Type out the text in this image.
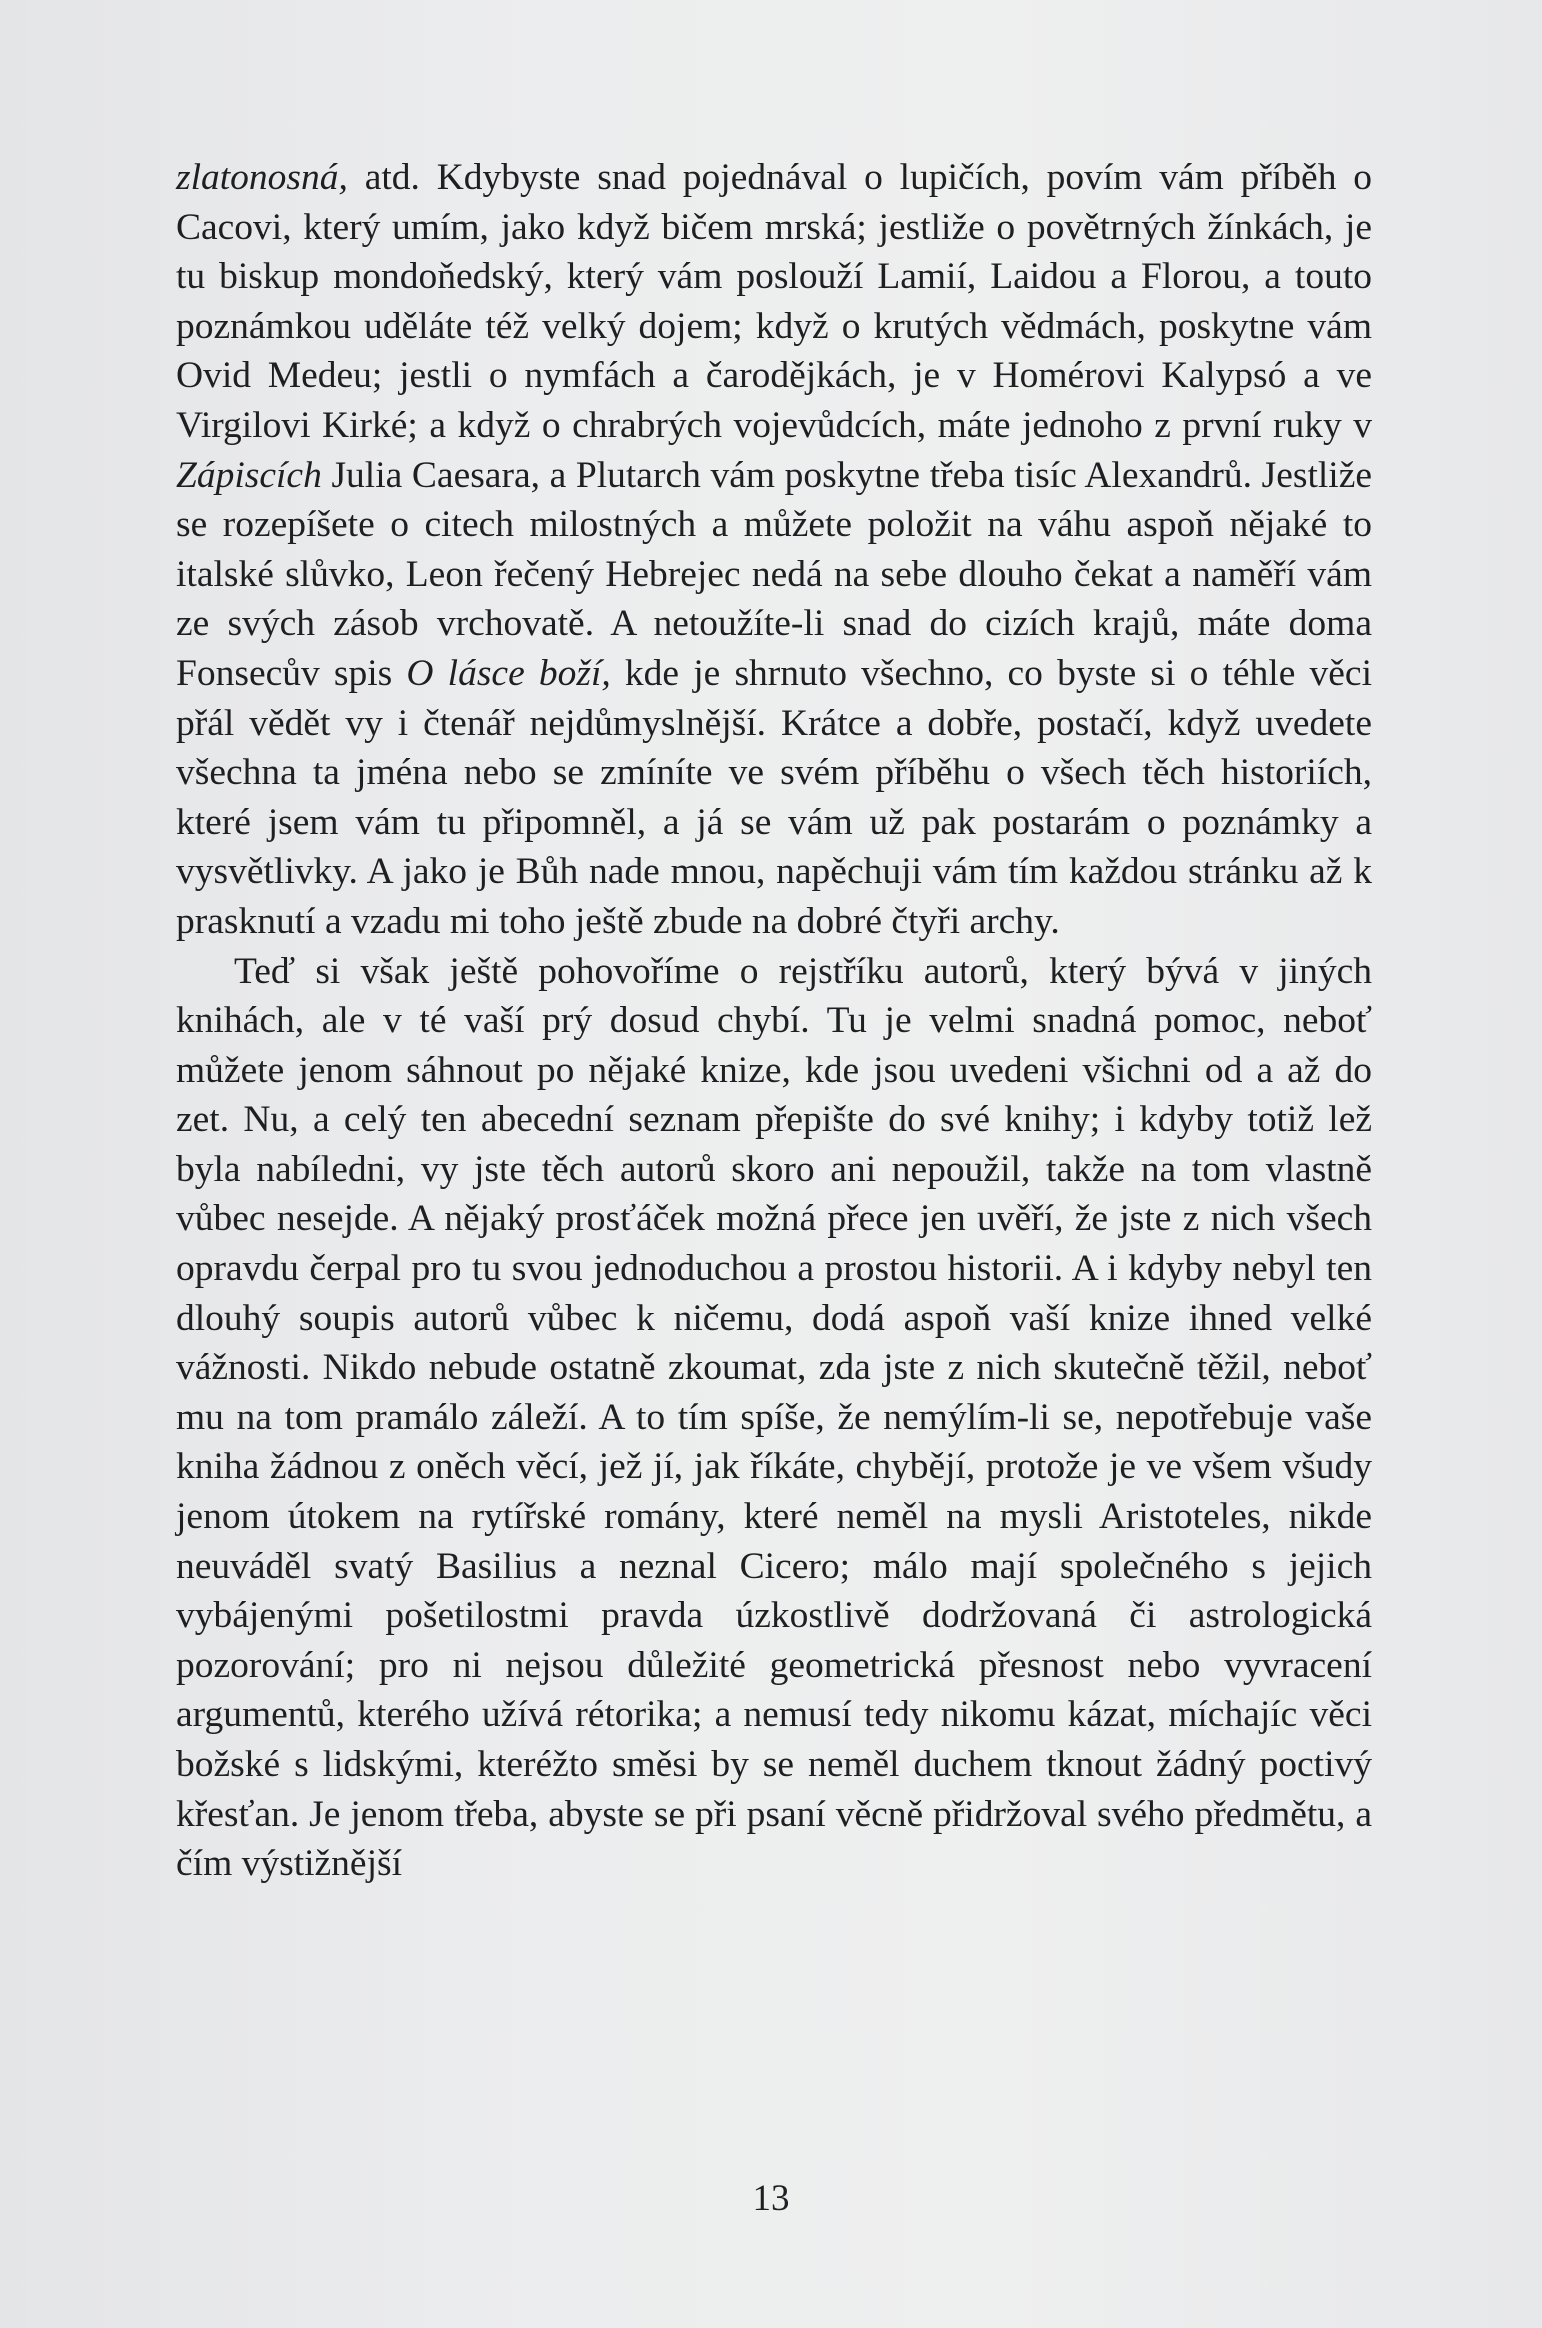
zlatonosná, atd. Kdybyste snad pojednával o lupičích, povím vám příběh o Cacovi, který umím, jako když bičem mrská; jestliže o povětrných žínkách, je tu biskup mondoňedský, který vám poslouží Lamií, Laidou a Florou, a touto poznámkou uděláte též velký dojem; když o krutých vědmách, poskytne vám Ovid Medeu; jestli o nymfách a čarodějkách, je v Homérovi Kalypsó a ve Virgilovi Kirké; a když o chrabrých vojevůdcích, máte jednoho z první ruky v Zápiscích Julia Caesara, a Plutarch vám poskytne třeba tisíc Alexandrů. Jestliže se rozepíšete o citech milostných a můžete položit na váhu aspoň nějaké to italské slůvko, Leon řečený Hebrejec nedá na sebe dlouho čekat a naměří vám ze svých zásob vrchovatě. A netoužíte-li snad do cizích krajů, máte doma Fonsecův spis O lásce boží, kde je shrnuto všechno, co byste si o téhle věci přál vědět vy i čtenář nejdůmyslnější. Krátce a dobře, postačí, když uvedete všechna ta jména nebo se zmíníte ve svém příběhu o všech těch historiích, které jsem vám tu připomněl, a já se vám už pak postarám o poznámky a vysvětlivky. A jako je Bůh nade mnou, napěchuji vám tím každou stránku až k prasknutí a vzadu mi toho ještě zbude na dobré čtyři archy.

Teď si však ještě pohovoříme o rejstříku autorů, který bývá v jiných knihách, ale v té vaší prý dosud chybí. Tu je velmi snadná pomoc, neboť můžete jenom sáhnout po nějaké knize, kde jsou uvedeni všichni od a až do zet. Nu, a celý ten abecední seznam přepište do své knihy; i kdyby totiž lež byla nabíledni, vy jste těch autorů skoro ani nepoužil, takže na tom vlastně vůbec nesejde. A nějaký prosťáček možná přece jen uvěří, že jste z nich všech opravdu čerpal pro tu svou jednoduchou a prostou historii. A i kdyby nebyl ten dlouhý soupis autorů vůbec k ničemu, dodá aspoň vaší knize ihned velké vážnosti. Nikdo nebude ostatně zkoumat, zda jste z nich skutečně těžil, neboť mu na tom pramálo záleží. A to tím spíše, že nemýlím-li se, nepotřebuje vaše kniha žádnou z oněch věcí, jež jí, jak říkáte, chybějí, protože je ve všem všudy jenom útokem na rytířské romány, které neměl na mysli Aristoteles, nikde neuváděl svatý Basilius a neznal Cicero; málo mají společného s jejich vybájenými pošetilostmi pravda úzkostlivě dodržovaná či astrologická pozorování; pro ni nejsou důležité geometrická přesnost nebo vyvracení argumentů, kterého užívá rétorika; a nemusí tedy nikomu kázat, míchajíc věci božské s lidskými, kteréžto směsi by se neměl duchem tknout žádný poctivý křesťan. Je jenom třeba, abyste se při psaní věcně přidržoval svého předmětu, a čím výstižnější

13
